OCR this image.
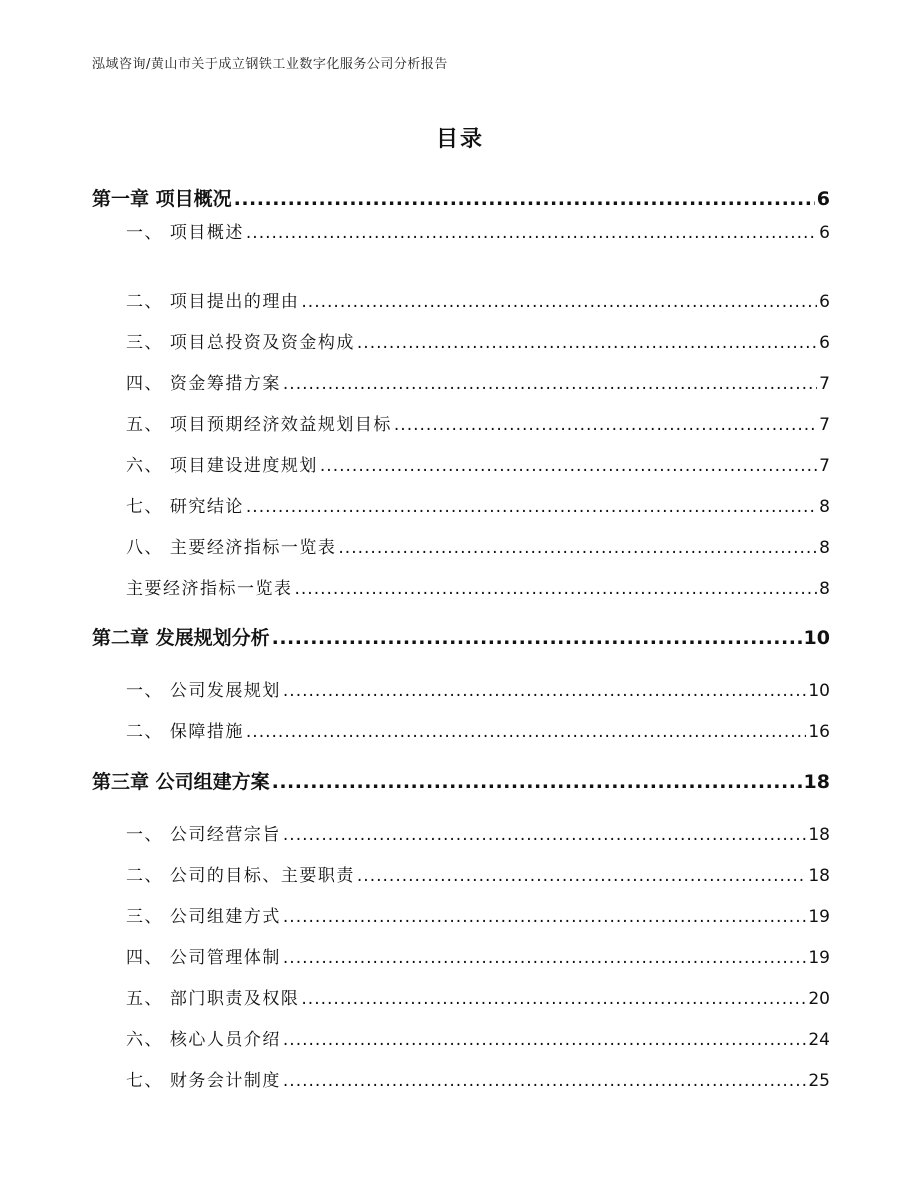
泓域咨询/黄山市关于成立钢铁工业数字化服务公司分析报告
目录
第一章 项目概况 .....	6
一、 项目概述 .....	6
二、 项目提出的理由 .....	6
三、 项目总投资及资金构成 .....	6
四、 资金筹措方案 .....	7
五、 项目预期经济效益规划目标 .....	7
六、 项目建设进度规划 .....	7
七、 研究结论 .....	8
八、 主要经济指标一览表 .....	8
主要经济指标一览表 .....	8
第二章 发展规划分析 .....	10
一、 公司发展规划 .....	10
二、 保障措施 .....	16
第三章 公司组建方案 .....	18
一、 公司经营宗旨 .....	18
二、 公司的目标、主要职责 .....	18
三、 公司组建方式 .....	19
四、 公司管理体制 .....	19
五、 部门职责及权限 .....	20
六、 核心人员介绍 .....	24
七、 财务会计制度 .....	25
